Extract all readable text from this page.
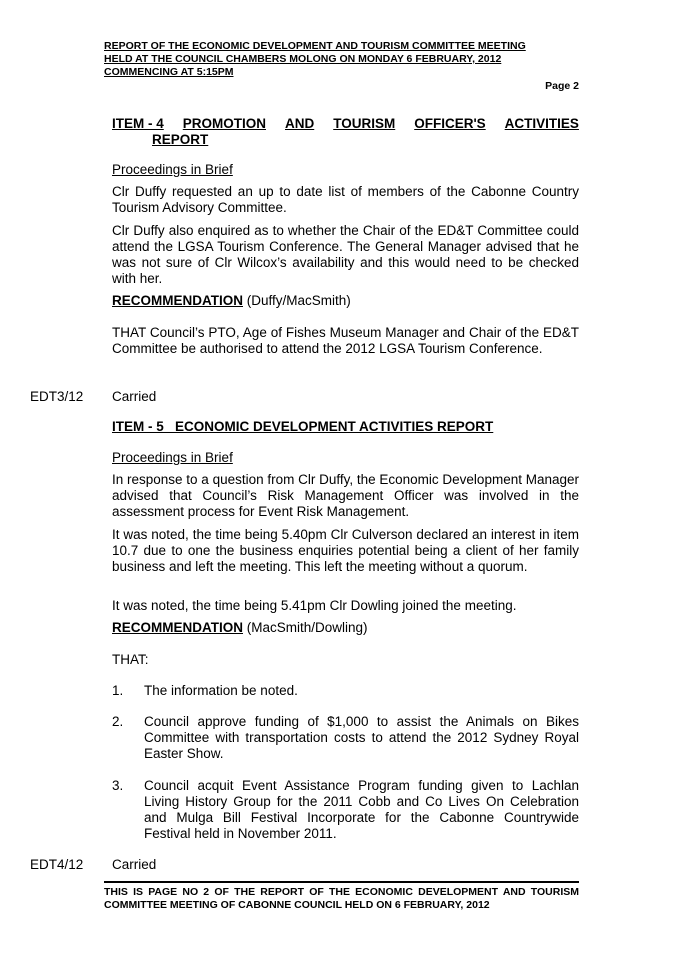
REPORT OF THE ECONOMIC DEVELOPMENT AND TOURISM COMMITTEE MEETING
HELD AT THE COUNCIL CHAMBERS MOLONG ON MONDAY 6 FEBRUARY, 2012
COMMENCING AT 5:15PM
Page 2
ITEM - 4 PROMOTION AND TOURISM OFFICER'S ACTIVITIES
REPORT
Proceedings in Brief
Clr Duffy requested an up to date list of members of the Cabonne Country Tourism Advisory Committee.
Clr Duffy also enquired as to whether the Chair of the ED&T Committee could attend the LGSA Tourism Conference. The General Manager advised that he was not sure of Clr Wilcox’s availability and this would need to be checked with her.
RECOMMENDATION (Duffy/MacSmith)
THAT Council’s PTO, Age of Fishes Museum Manager and Chair of the ED&T Committee be authorised to attend the 2012 LGSA Tourism Conference.
EDT3/12 Carried
ITEM - 5   ECONOMIC DEVELOPMENT ACTIVITIES REPORT
Proceedings in Brief
In response to a question from Clr Duffy, the Economic Development Manager advised that Council’s Risk Management Officer was involved in the assessment process for Event Risk Management.
It was noted, the time being 5.40pm Clr Culverson declared an interest in item 10.7 due to one the business enquiries potential being a client of her family business and left the meeting. This left the meeting without a quorum.
It was noted, the time being 5.41pm Clr Dowling joined the meeting.
RECOMMENDATION (MacSmith/Dowling)
THAT:
1. The information be noted.
2. Council approve funding of $1,000 to assist the Animals on Bikes Committee with transportation costs to attend the 2012 Sydney Royal Easter Show.
3. Council acquit Event Assistance Program funding given to Lachlan Living History Group for the 2011 Cobb and Co Lives On Celebration and Mulga Bill Festival Incorporate for the Cabonne Countrywide Festival held in November 2011.
EDT4/12 Carried
THIS IS PAGE NO 2 OF THE REPORT OF THE ECONOMIC DEVELOPMENT AND TOURISM COMMITTEE MEETING OF CABONNE COUNCIL HELD ON 6 FEBRUARY, 2012
